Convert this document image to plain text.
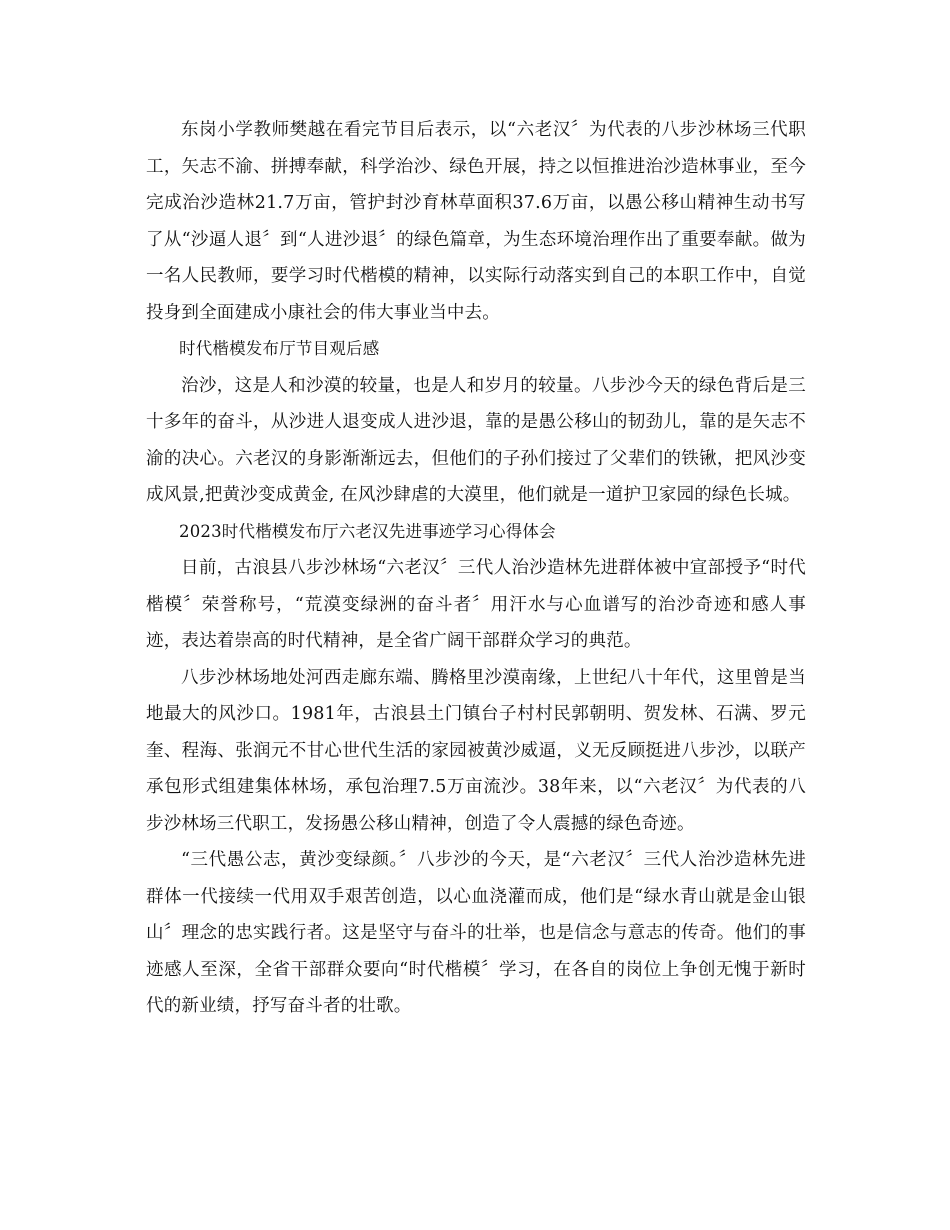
东岗小学教师樊越在看完节目后表示，以“六老汉〞为代表的八步沙林场三代职工，矢志不渝、拼搏奉献，科学治沙、绿色开展，持之以恒推进治沙造林事业，至今完成治沙造林21.7万亩，管护封沙育林草面积37.6万亩，以愚公移山精神生动书写了从“沙逼人退〞到“人进沙退〞的绿色篇章，为生态环境治理作出了重要奉献。做为一名人民教师，要学习时代楷模的精神，以实际行动落实到自己的本职工作中，自觉投身到全面建成小康社会的伟大事业当中去。

时代楷模发布厅节目观后感

治沙，这是人和沙漠的较量，也是人和岁月的较量。八步沙今天的绿色背后是三十多年的奋斗，从沙进人退变成人进沙退，靠的是愚公移山的韧劲儿，靠的是矢志不渝的决心。六老汉的身影渐渐远去，但他们的子孙们接过了父辈们的铁锹，把风沙变成风景,把黄沙变成黄金, 在风沙肆虐的大漠里，他们就是一道护卫家园的绿色长城。

2023时代楷模发布厅六老汉先进事迹学习心得体会

日前，古浪县八步沙林场“六老汉〞三代人治沙造林先进群体被中宣部授予“时代楷模〞荣誉称号，“荒漠变绿洲的奋斗者〞用汗水与心血谱写的治沙奇迹和感人事迹，表达着崇高的时代精神，是全省广阔干部群众学习的典范。

八步沙林场地处河西走廊东端、腾格里沙漠南缘，上世纪八十年代，这里曾是当地最大的风沙口。1981年，古浪县土门镇台子村村民郭朝明、贺发林、石满、罗元奎、程海、张润元不甘心世代生活的家园被黄沙威逼，义无反顾挺进八步沙，以联产承包形式组建集体林场，承包治理7.5万亩流沙。38年来，以“六老汉〞为代表的八步沙林场三代职工，发扬愚公移山精神，创造了令人震撼的绿色奇迹。

“三代愚公志，黄沙变绿颜。〞八步沙的今天，是“六老汉〞三代人治沙造林先进群体一代接续一代用双手艰苦创造，以心血浇灌而成，他们是“绿水青山就是金山银山〞理念的忠实践行者。这是坚守与奋斗的壮举，也是信念与意志的传奇。他们的事迹感人至深，全省干部群众要向“时代楷模〞学习，在各自的岗位上争创无愧于新时代的新业绩，抒写奋斗者的壮歌。
